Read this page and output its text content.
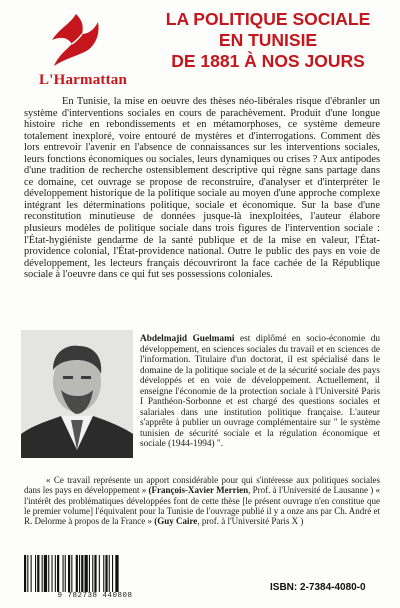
L'Harmattan
LA POLITIQUE SOCIALE
EN TUNISIE
DE 1881 À NOS JOURS

En Tunisie, la mise en oeuvre des thèses néo-libérales risque d'ébranler un système d'interventions sociales en cours de parachèvement. Produit d'une longue histoire riche en rebondissements et en métamorphoses, ce système demeure totalement inexploré, voire entouré de mystères et d'interrogations. Comment dès lors entrevoir l'avenir en l'absence de connaissances sur les interventions sociales, leurs fonctions économiques ou sociales, leurs dynamiques ou crises ? Aux antipodes d'une tradition de recherche ostensiblement descriptive qui règne sans partage dans ce domaine, cet ouvrage se propose de reconstruire, d'analyser et d'interpréter le développement historique de la politique sociale au moyen d'une approche complexe intégrant les déterminations politique, sociale et économique. Sur la base d'une reconstitution minutieuse de données jusque-là inexploitées, l'auteur élabore plusieurs modèles de politique sociale dans trois figures de l'intervention sociale : l'État-hygiéniste gendarme de la santé publique et de la mise en valeur, l'État-providence colonial, l'État-providence national. Outre le public des pays en voie de développement, les lecteurs français découvriront la face cachée de la République sociale à l'oeuvre dans ce qui fut ses possessions coloniales.

Abdelmajid Guelmami est diplômé en socio-économie du développement, en sciences sociales du travail et en sciences de l'information. Titulaire d'un doctorat, il est spécialisé dans le domaine de la politique sociale et de la sécurité sociale des pays développés et en voie de développement. Actuellement, il enseigne l'économie de la protection sociale à l'Université Paris I Panthéon-Sorbonne et est chargé des questions sociales et salariales dans une institution politique française. L'auteur s'apprête à publier un ouvrage complémentaire sur " le système tunisien de sécurité sociale et la régulation économique et sociale (1944-1994) ".

« Ce travail représente un apport considérable pour qui s'intéresse aux politiques sociales dans les pays en développement » (François-Xavier Merrien, Prof. à l'Université de Lausanne ) « l'intérêt des problématiques développées font de cette thèse [le présent ouvrage n'en constitue que le premier volume] l'équivalent pour la Tunisie de l'ouvrage publié il y a onze ans par Ch. André et R. Delorme à propos de la France » (Guy Caire, prof. à l'Université Paris X )

9 782738 440808
ISBN: 2-7384-4080-0
